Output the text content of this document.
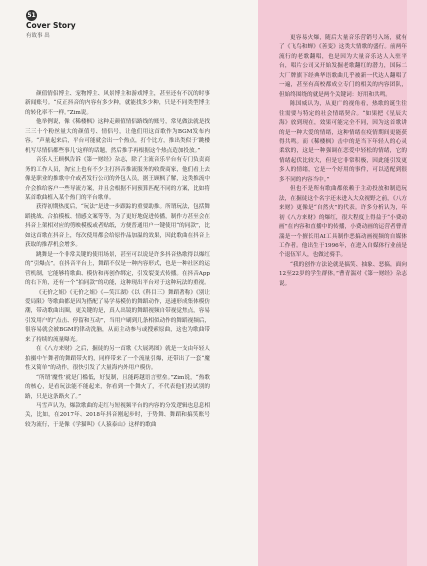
51
Cover Story
有故事 出

颜值情侣博主、宠物博主、风景博主和游戏博主，甚至还有不沉的时事新闻账号。“反正抖音的内容有多少种，就能找多少种，只是不同类型博主的转化率不一样。”Zim说。

他举例说，像《稀楼枫》这种走颜值情侣路线的账号，常见做法就是找三三十个粉丝量大的颜值号、情侣号，让他们用这首歌作为BGM发布内容。“声量起来后，平台可能就会出一个热点，打个比方，推出类似于‘跳楼机写尽情侣都些事儿’这样的话题，然后推手再根据这个热点造加投放。”

音乐人王顾枫告诉《第一财经》杂志，除了主流音乐平台有专门负责商务的工作人员，淘宝上也有不少主打抖音推流服务的收费商家，他们看上去像是职业的推歌中介或者发行公司的外包人员，据王顾枫了解，这类推流中介会推给客户一些导流方案，并且会根据不同预算匹配不同的方案，比如将某首歌曲植入某个热门的平台歌单。

获得初期热度后，“玩法”是进一步跟踪的重要助推。所谓玩法，包括舞蹈挑战、合拍模板、情感文案等等，为了更好地促进传播，制作方甚至会在抖音上架相对应的剪映模板或者贴纸，方便普通用户一键使用“的同款”，比如这首歌在抖音上，每次使用都会给原作品加温的效果，因此歌曲在抖音上获取的推荐机会增多。

跳舞是一个非常关键的使用场景，甚至可以说是许多抖音热歌得以爆红的“引爆点”。在抖音平台上，舞蹈不仅是一种内容形式，也是一种社区的运营机制，它能够将歌曲、模仿和再创作绑定，引发裂变式传播。在抖音App的右下角，还有一个“拍同款”的功能，这种现出平台对于这种玩法的重视。

《无价之姐》《无价之姐》《—笑江湖》《以《科目三》舞蹈著称》《别让爱局限》等歌曲都是因为搭配了易学易模仿的舞蹈动作，迅速形成集体模仿潮，带动歌曲出圈，更关键的是，真人出镜的舞蹈视频自带视觉焦点，容易引发用户的“点击、停留和互动”，当用户刷到几条相似动作的舞蹈视频后，很容易就会被BGM的律动洗脑，从而主动参与或搜索原曲，这也为歌曲带来了持续的流量曝光。

在《八方来财》之后，掘徒的另一首歌《大展鸿图》就是一支由年轻人拍摄中午舞者的舞蹈带火的，同样带来了一个流量引爆，还带出了一套“魔性又简单”的动作，很快引发了大量海内外用户模仿。

“所谓‘魔性’就是门槛低，好复制，且能跨越语言壁垒。”Zim说，“热歌的核心，是看玩法能不能起来，你看到一个舞火了，不代表他们投试别的路，只是这条路火了。”

马雪声认为，爆款歌曲的走红与短视频平台的内容的分发逻辑也息息相关，比如，在2017年、2018年抖音刚起步时，于势舞、舞蹈和搞笑账号较为流行，于是像《学猫叫》《人猿泰山》这样的歌曲

更容易火爆，随后大量音乐营销号入场，就有了《飞鸟和蝉》《善变》这类大情歌的盛行。前两年流行的老歌翻唱，也是因为大量音乐达人入驻平台，唱片公司又开始发掘老歌翻红的潜力，国际二大厂牌旗下经典华语歌曲几乎被新一代达人翻唱了一遍，甚至有高校都成立专门的相关的内容团队，但始终围绕的就是两个关键词：好用和共鸣。

陈国威认为，从更广的视角看，热歌的诞生往往需要与特定的社会情绪契合。“如果把《星辰大海》放到现在，效果可能完全不同，因为这首歌讲的是一种大爱的情绪，这种情绪在疫情期间更能获得共鸣。而《稀楼枫》击中的是当下年轻人的心灵柔软的，这是一种强调在恋爱中轻松的情绪，它的情绪起伏比较大，但是它非常积极，因此能引发更多人的情绪，它是一个好用的事件，可以适配到很多不同的内容当中。”

但也不是所有歌曲都依赖于主动投放和制造玩法，在掘徒这个名字还未进入大众视野之前，《八方来财》更像是“自然火”的代表。许多分析认为，年初《八方来财》的爆红，很大程度上得益于“小费动画”在内容和直播中的传播，小费动画的运营者曹青湍是一个擅长用AI工具制作恶搞动画视频的自媒体工作者。他出生于1996年，在进入自媒体行业前是个退伍军人，也做过骑手。

“我的创作方法论就是搞笑、抽象、恶搞，面向12至22岁的学生群体。”曹青湍对《第一财经》杂志说。
